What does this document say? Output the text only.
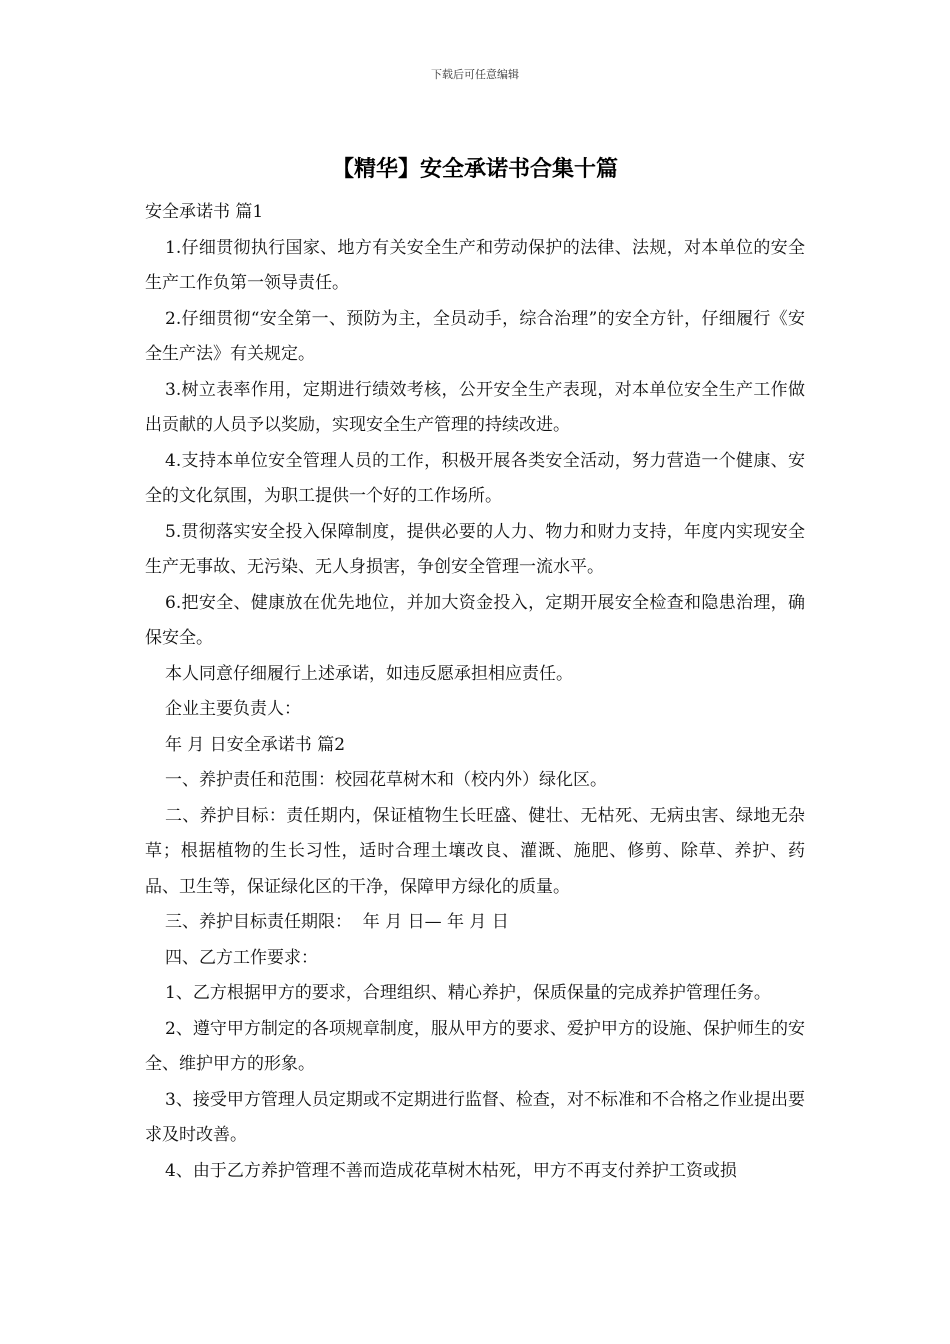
下载后可任意编辑
【精华】安全承诺书合集十篇

安全承诺书 篇1

1.仔细贯彻执行国家、地方有关安全生产和劳动保护的法律、法规，对本单位的安全生产工作负第一领导责任。

2.仔细贯彻“安全第一、预防为主，全员动手，综合治理”的安全方针，仔细履行《安全生产法》有关规定。

3.树立表率作用，定期进行绩效考核，公开安全生产表现，对本单位安全生产工作做出贡献的人员予以奖励，实现安全生产管理的持续改进。

4.支持本单位安全管理人员的工作，积极开展各类安全活动，努力营造一个健康、安全的文化氛围，为职工提供一个好的工作场所。

5.贯彻落实安全投入保障制度，提供必要的人力、物力和财力支持，年度内实现安全生产无事故、无污染、无人身损害，争创安全管理一流水平。

6.把安全、健康放在优先地位，并加大资金投入，定期开展安全检查和隐患治理，确保安全。

本人同意仔细履行上述承诺，如违反愿承担相应责任。

企业主要负责人：

年 月 日安全承诺书 篇2

一、养护责任和范围：校园花草树木和（校内外）绿化区。

二、养护目标：责任期内，保证植物生长旺盛、健壮、无枯死、无病虫害、绿地无杂草；根据植物的生长习性，适时合理土壤改良、灌溉、施肥、修剪、除草、养护、药品、卫生等，保证绿化区的干净，保障甲方绿化的质量。

三、养护目标责任期限：  年 月 日— 年 月 日

四、乙方工作要求：

1、乙方根据甲方的要求，合理组织、精心养护，保质保量的完成养护管理任务。

2、遵守甲方制定的各项规章制度，服从甲方的要求、爱护甲方的设施、保护师生的安全、维护甲方的形象。

3、接受甲方管理人员定期或不定期进行监督、检查，对不标准和不合格之作业提出要求及时改善。

4、由于乙方养护管理不善而造成花草树木枯死，甲方不再支付养护工资或损
